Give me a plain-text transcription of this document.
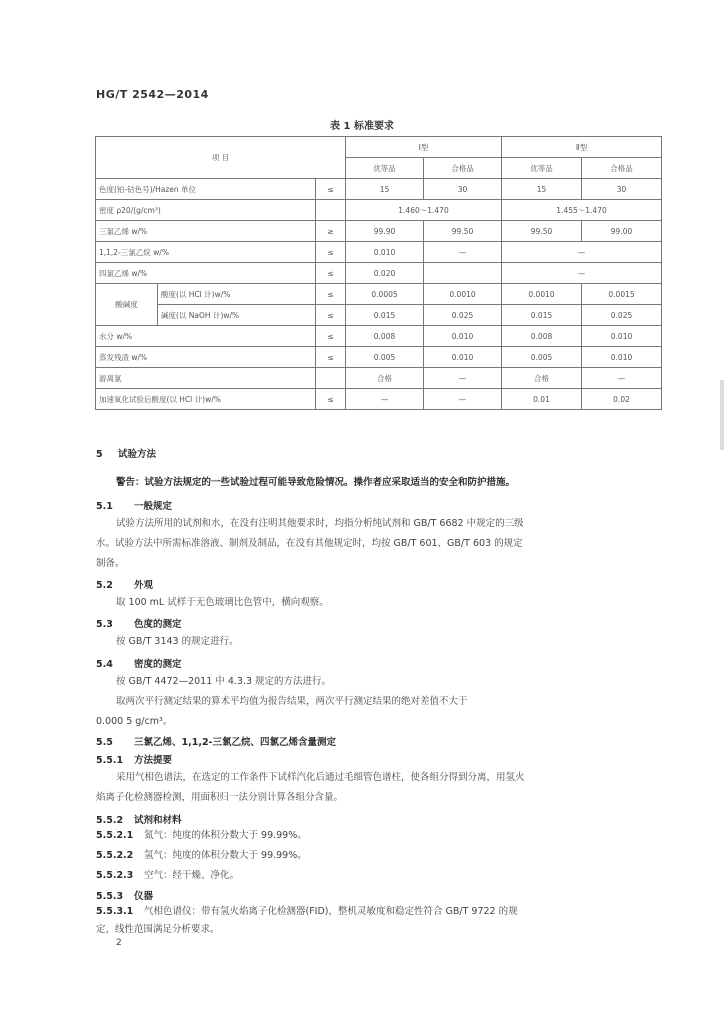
HG/T 2542—2014
表 1 标准要求
项 目			Ⅰ型		Ⅱ型	
			优等品	合格品	优等品	合格品
色度(铂-钴色号)/Hazen 单位		≤	15	30	15	30
密度 ρ20/(g/cm³)			1.460～1.470		1.455～1.470	
三氯乙烯 w/%		≥	99.90	99.50	99.50	99.00
1,1,2-三氯乙烷 w/%		≤	0.010	—	—	
四氯乙烯 w/%		≤	0.020		—	
酸碱度	酸度(以 HCl 计)w/%	≤	0.0005	0.0010	0.0010	0.0015
	碱度(以 NaOH 计)w/%	≤	0.015	0.025	0.015	0.025
水分 w/%		≤	0.008	0.010	0.008	0.010
蒸发残渣 w/%		≤	0.005	0.010	0.005	0.010
游离氯			合格	—	合格	—
加速氧化试验后酸度(以 HCl 计)w/%		≤	—	—	0.01	0.02
5 试验方法
警告：试验方法规定的一些试验过程可能导致危险情况。操作者应采取适当的安全和防护措施。
5.1 一般规定
试验方法所用的试剂和水，在没有注明其他要求时，均指分析纯试剂和 GB/T 6682 中规定的三级
水。试验方法中所需标准溶液、制剂及制品，在没有其他规定时，均按 GB/T 601、GB/T 603 的规定
制备。
5.2 外观
取 100 mL 试样于无色玻璃比色管中，横向观察。
5.3 色度的测定
按 GB/T 3143 的规定进行。
5.4 密度的测定
按 GB/T 4472—2011 中 4.3.3 规定的方法进行。
取两次平行测定结果的算术平均值为报告结果，两次平行测定结果的绝对差值不大于
0.000 5 g/cm³。
5.5 三氯乙烯、1,1,2-三氯乙烷、四氯乙烯含量测定
5.5.1 方法提要
采用气相色谱法，在选定的工作条件下试样汽化后通过毛细管色谱柱，使各组分得到分离，用氢火
焰离子化检测器检测，用面积归一法分别计算各组分含量。
5.5.2 试剂和材料
5.5.2.1 氮气：纯度的体积分数大于 99.99%。
5.5.2.2 氢气：纯度的体积分数大于 99.99%。
5.5.2.3 空气：经干燥、净化。
5.5.3 仪器
5.5.3.1 气相色谱仪：带有氢火焰离子化检测器(FID)，整机灵敏度和稳定性符合 GB/T 9722 的规
定，线性范围满足分析要求。
2
